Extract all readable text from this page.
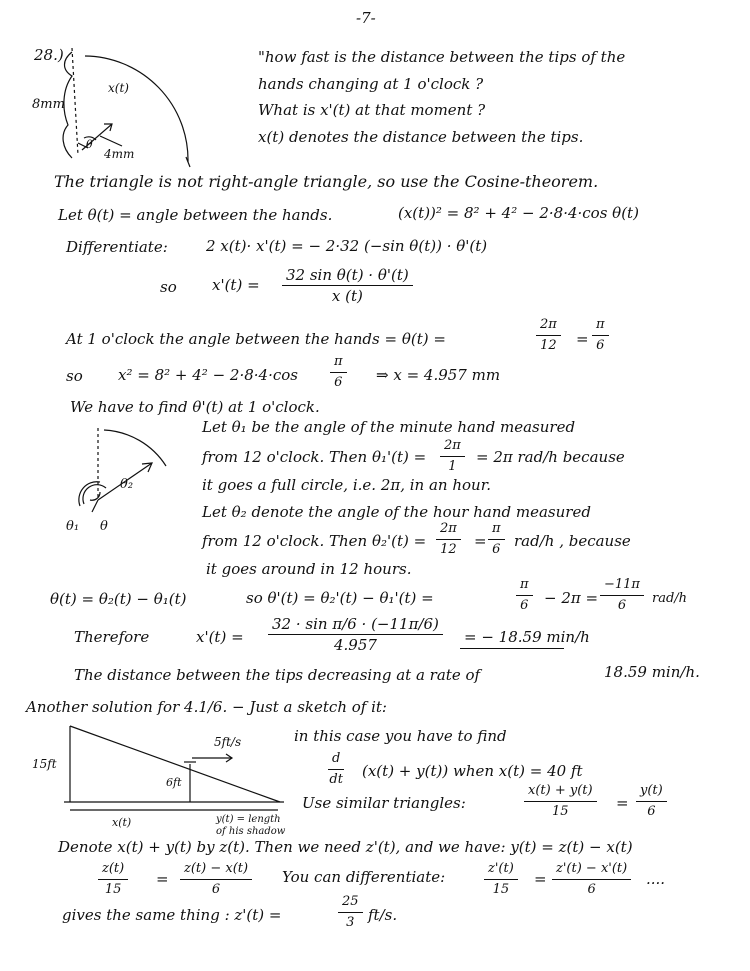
-7-
28.)
8mm
x(t)
4mm
θ
"how fast is the distance between the tips of the
hands changing at 1 o'clock ?
What is x'(t) at that moment ?
x(t) denotes the distance between the tips.
The triangle is not right-angle triangle, so use the Cosine-theorem.
Let θ(t) = angle between the hands.	(x(t))² = 8² + 4² − 2·8·4·cos θ(t)
Differentiate:	2 x(t)· x'(t) = − 2·32 (−sin θ(t)) · θ'(t)
so $x'(t) = \frac{\text{32 sin θ(t) · θ'(t)}}{x (t)}$
At 1 o'clock the angle between the hands = θ(t) =	$\frac{2\pi}{12} = \frac{\pi}{6}$
so $x^2 = 8^2 + 4^2 - 2\cdot 8\cdot 4\cdot\cos \frac{\pi}{6}$ ⇒ x = 4.957 mm
We have to find θ'(t) at 1 o'clock.
θ₂
θ₁ θ
Let θ₁ be the angle of the minute hand measured
from 12 o'clock. Then $\theta_1'(t) = \frac{2\pi}{1} = 2\pi$ rad/h because
it goes a full circle, i.e. 2π, in an hour.
Let θ₂ denote the angle of the hour hand measured
from 12 o'clock. Then $\theta_2'(t) = \frac{2\pi}{12} = \frac{\pi}{6} rad/h$ , because
it goes around in 12 hours.
θ(t) = θ₂(t) − θ₁(t)	so θ'(t) = θ₂'(t) − θ₁'(t) =	$\frac{\pi}{6} - 2\pi = \frac{-11\pi}{6} rad/h$
Therefore	$x'(t) = \frac{\text{32 · sin π/6 · (−11π/6)}}{4.957}$ = − 18.59 min/h
The distance between the tips decreasing at a rate of	18.59 min/h.
Another solution for 4.1/6. − Just a sketch of it:
15ft
5ft/s
6ft
x(t)	y(t) = length
of his shadow
in this case you have to find
$\frac{d}{dt} (x(t) + y(t))$ when x(t) = 40 ft
Use similar triangles:	$\frac{x(t) + y(t)}{15} = \frac{y(t)}{6}$
Denote x(t) + y(t) by z(t). Then we need z'(t), and we have: y(t) = z(t) − x(t)
$\frac{z(t)}{15} = \frac{z(t) - x(t)}{6}$ You can differentiate:	$\frac{z'(t)}{15} = \frac{z'(t) - x'(t)}{6}$ ....
gives the same thing : z'(t) =	$\frac{25}{3} ft/s$.
